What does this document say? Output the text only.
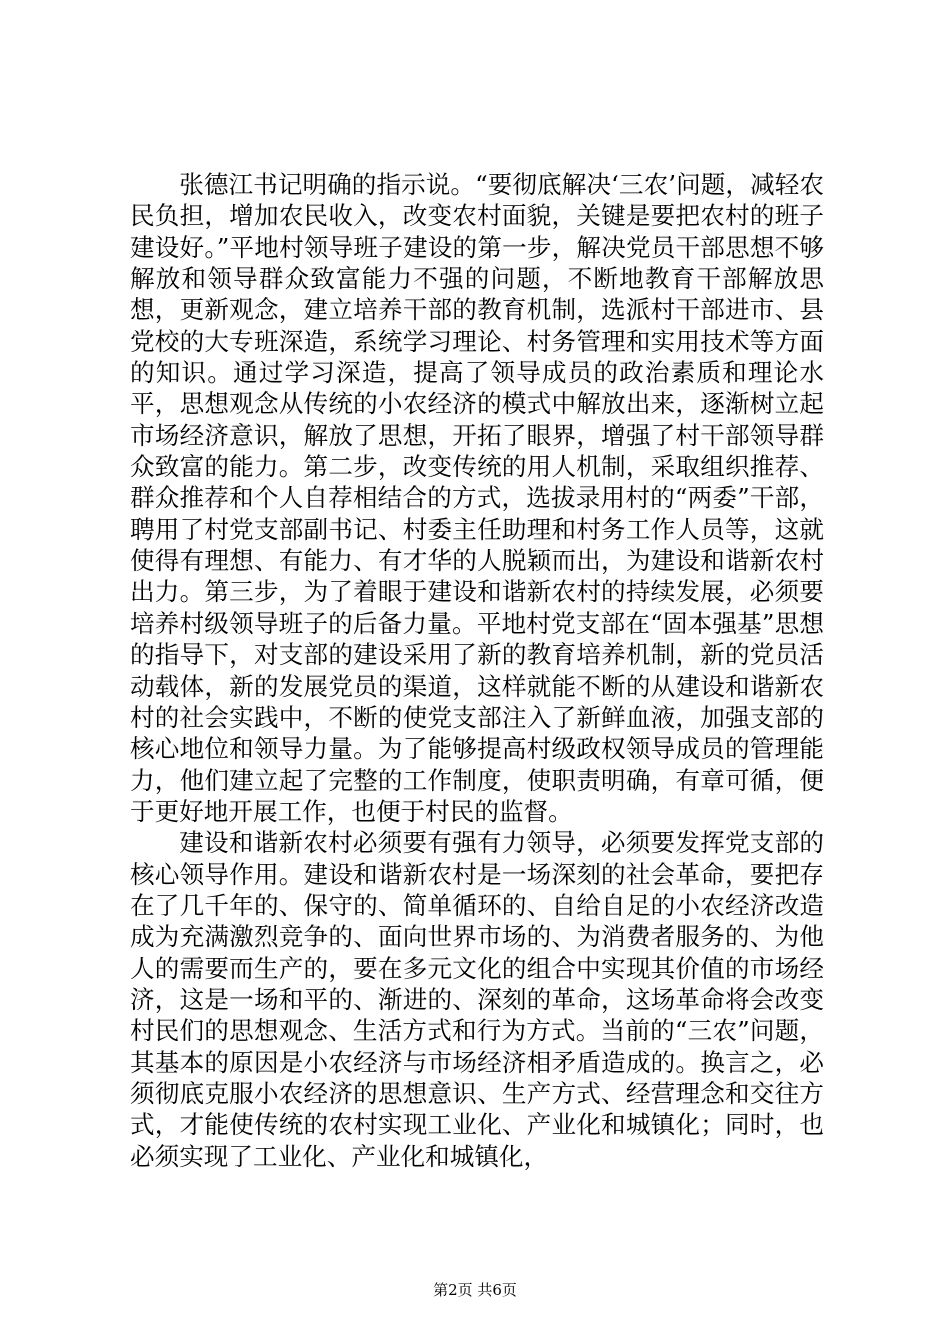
张德江书记明确的指示说。“要彻底解决‘三农’问题，减轻农民负担，增加农民收入，改变农村面貌，关键是要把农村的班子建设好。”平地村领导班子建设的第一步，解决党员干部思想不够解放和领导群众致富能力不强的问题，不断地教育干部解放思想，更新观念，建立培养干部的教育机制，选派村干部进市、县党校的大专班深造，系统学习理论、村务管理和实用技术等方面的知识。通过学习深造，提高了领导成员的政治素质和理论水平，思想观念从传统的小农经济的模式中解放出来，逐渐树立起市场经济意识，解放了思想，开拓了眼界，增强了村干部领导群众致富的能力。第二步，改变传统的用人机制，采取组织推荐、群众推荐和个人自荐相结合的方式，选拔录用村的“两委”干部，聘用了村党支部副书记、村委主任助理和村务工作人员等，这就使得有理想、有能力、有才华的人脱颖而出，为建设和谐新农村出力。第三步，为了着眼于建设和谐新农村的持续发展，必须要培养村级领导班子的后备力量。平地村党支部在“固本强基”思想的指导下，对支部的建设采用了新的教育培养机制，新的党员活动载体，新的发展党员的渠道，这样就能不断的从建设和谐新农村的社会实践中，不断的使党支部注入了新鲜血液，加强支部的核心地位和领导力量。为了能够提高村级政权领导成员的管理能力，他们建立起了完整的工作制度，使职责明确，有章可循，便于更好地开展工作，也便于村民的监督。

建设和谐新农村必须要有强有力领导，必须要发挥党支部的核心领导作用。建设和谐新农村是一场深刻的社会革命，要把存在了几千年的、保守的、简单循环的、自给自足的小农经济改造成为充满激烈竞争的、面向世界市场的、为消费者服务的、为他人的需要而生产的，要在多元文化的组合中实现其价值的市场经济，这是一场和平的、渐进的、深刻的革命，这场革命将会改变村民们的思想观念、生活方式和行为方式。当前的“三农”问题，其基本的原因是小农经济与市场经济相矛盾造成的。换言之，必须彻底克服小农经济的思想意识、生产方式、经营理念和交往方式，才能使传统的农村实现工业化、产业化和城镇化；同时，也必须实现了工业化、产业化和城镇化，

第2页 共6页
